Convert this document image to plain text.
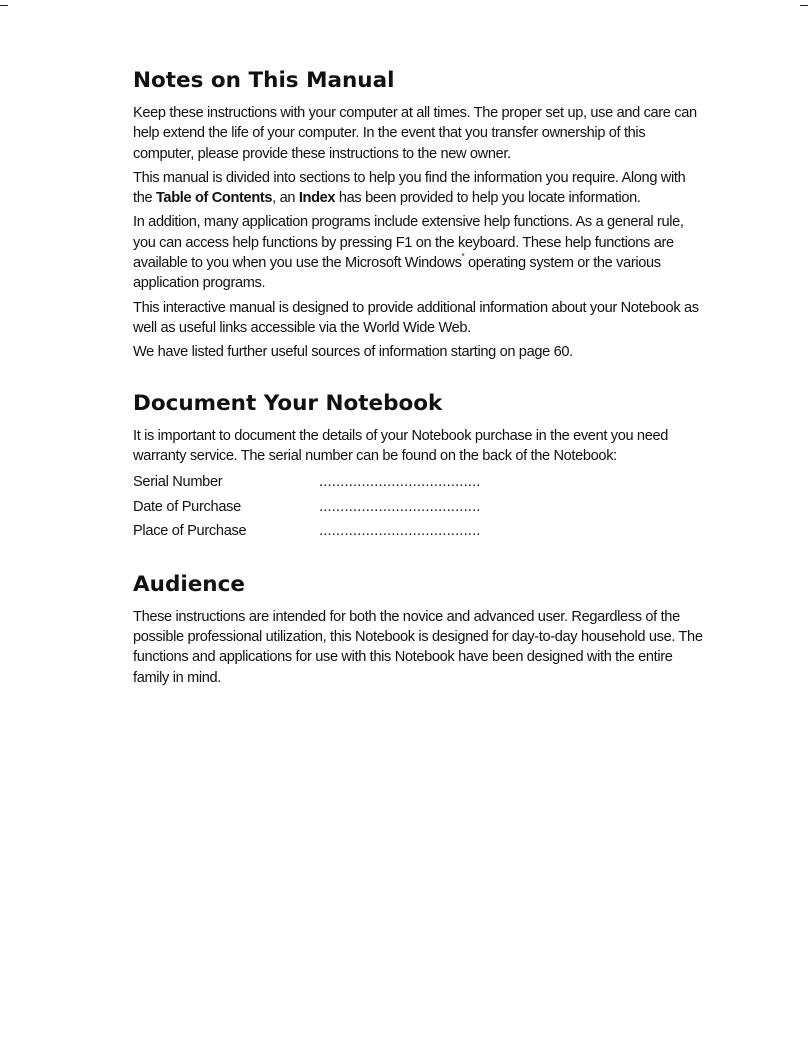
Notes on This Manual

Keep these instructions with your computer at all times. The proper set up, use and care can help extend the life of your computer. In the event that you transfer ownership of this computer, please provide these instructions to the new owner.

This manual is divided into sections to help you find the information you require. Along with the Table of Contents, an Index has been provided to help you locate information.

In addition, many application programs include extensive help functions. As a general rule, you can access help functions by pressing F1 on the keyboard. These help functions are available to you when you use the Microsoft Windows* operating system or the various application programs.

This interactive manual is designed to provide additional information about your Notebook as well as useful links accessible via the World Wide Web.

We have listed further useful sources of information starting on page 60.

Document Your Notebook

It is important to document the details of your Notebook purchase in the event you need warranty service. The serial number can be found on the back of the Notebook:

Serial Number	......................................
Date of Purchase	......................................
Place of Purchase	......................................
Audience

These instructions are intended for both the novice and advanced user. Regardless of the possible professional utilization, this Notebook is designed for day-to-day household use. The functions and applications for use with this Notebook have been designed with the entire family in mind.
